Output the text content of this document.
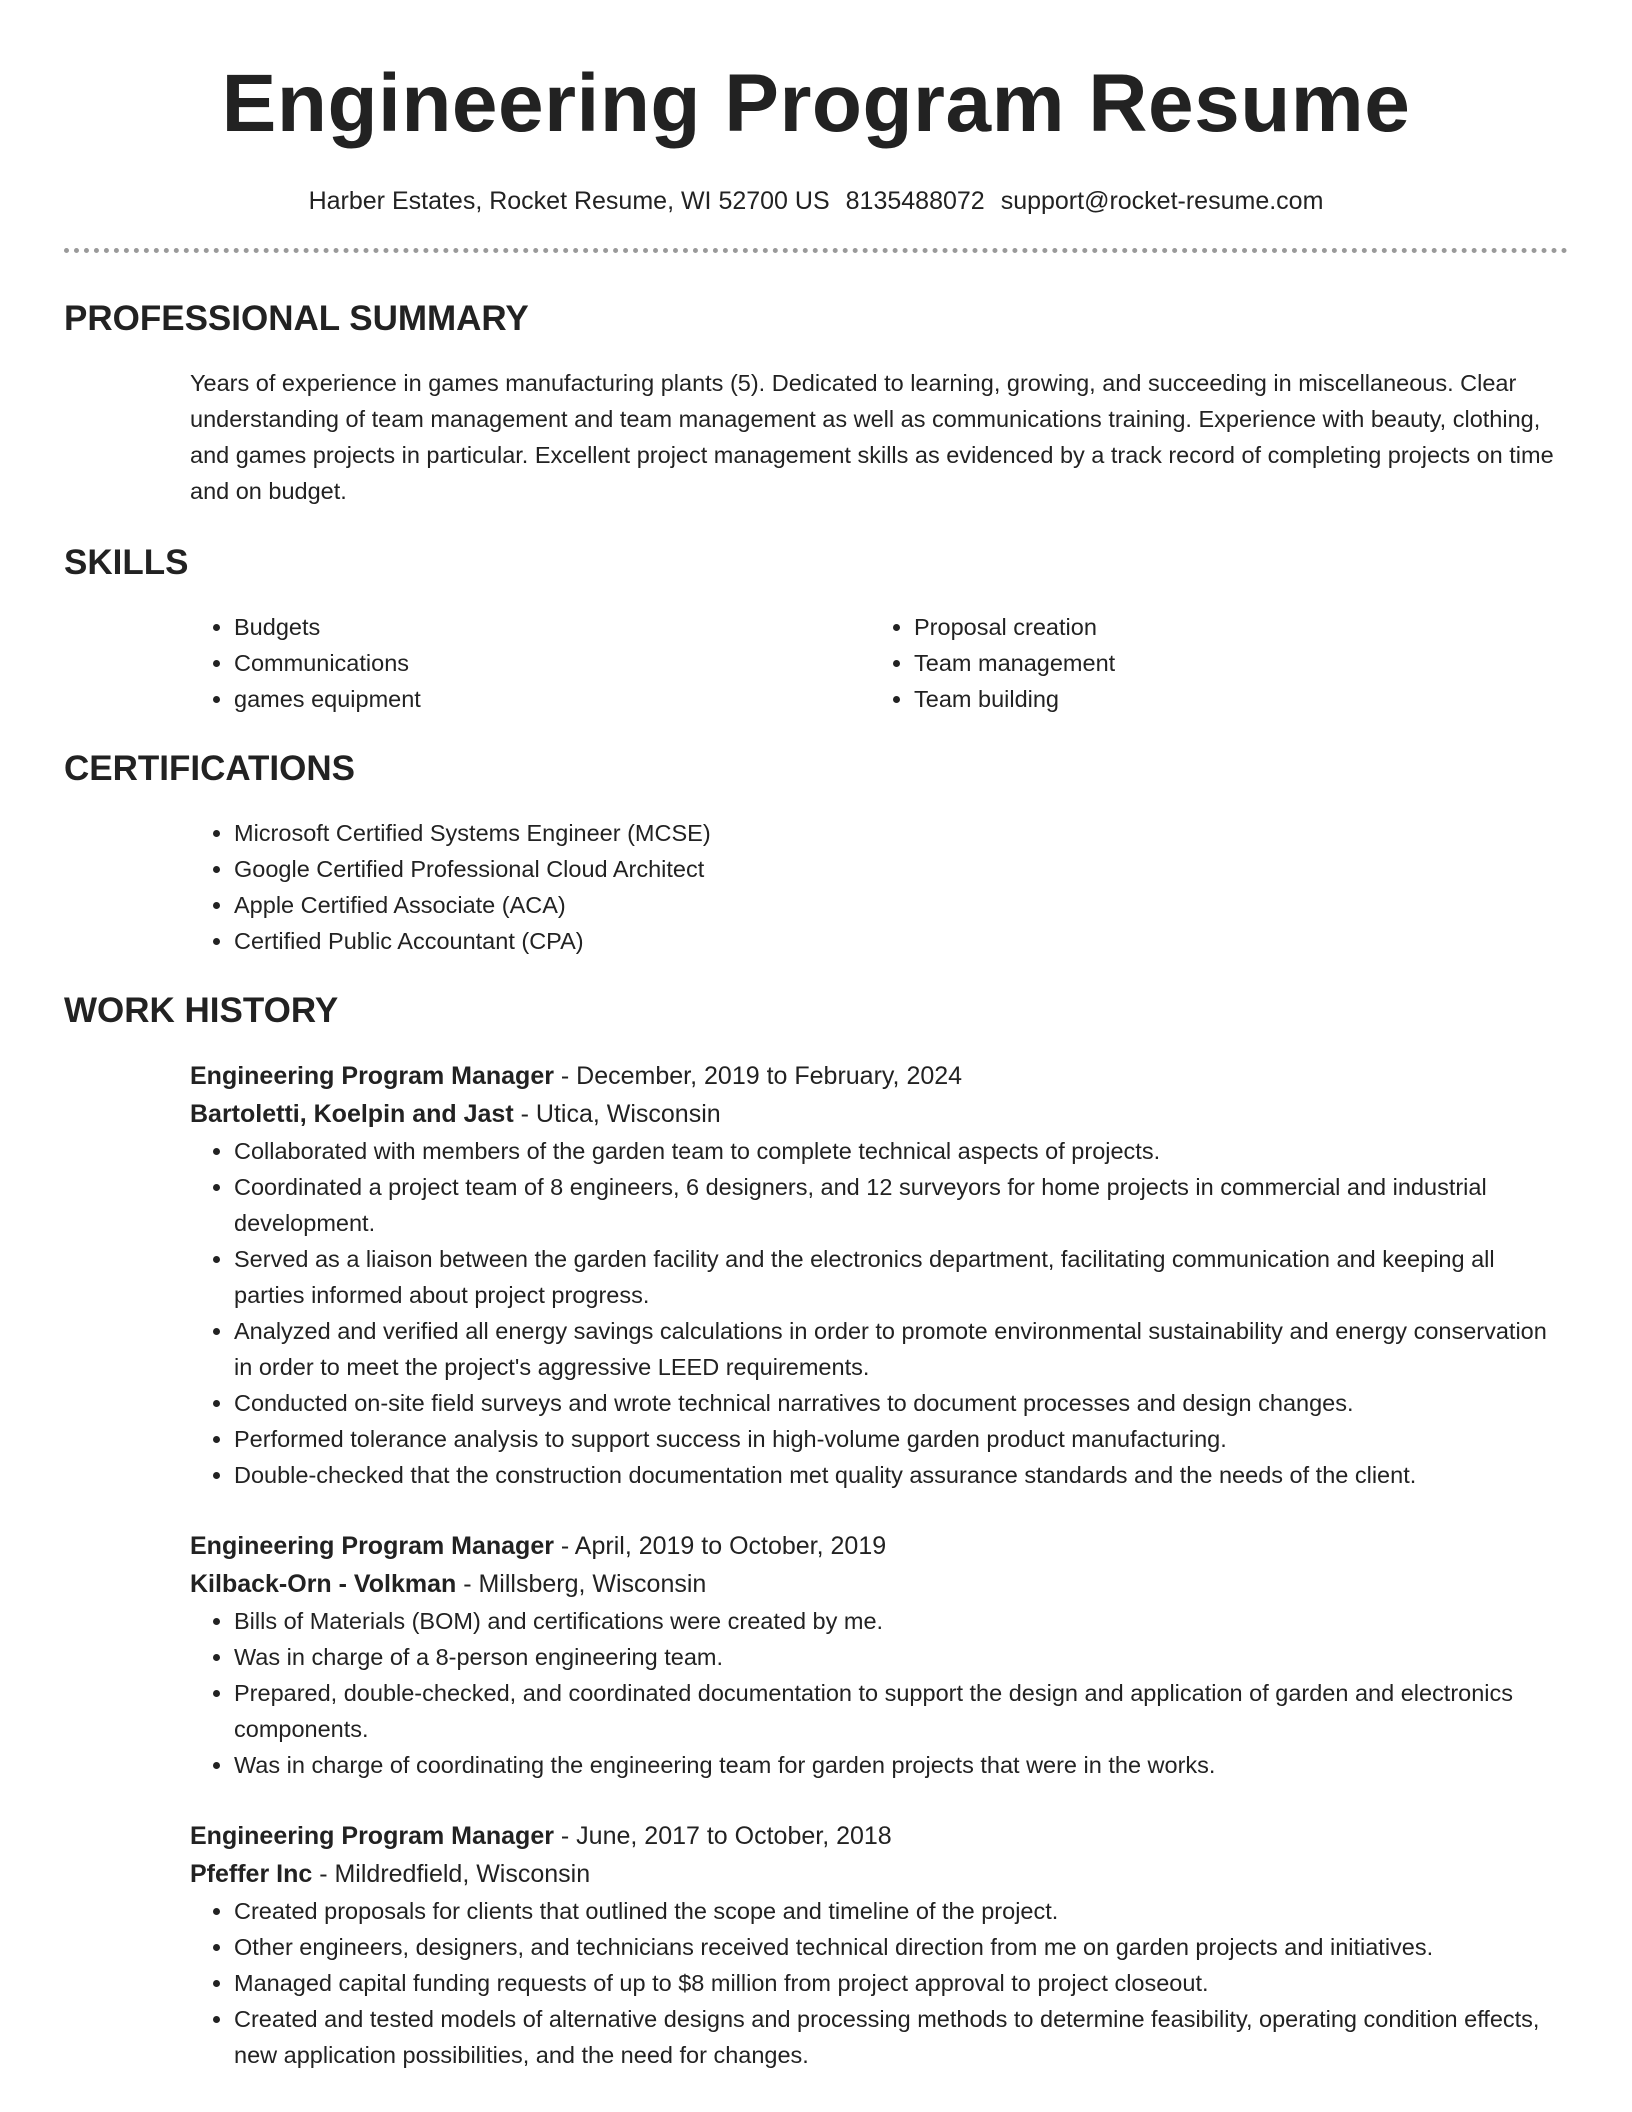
Engineering Program Resume
Harber Estates, Rocket Resume, WI 52700 US 8135488072 support@rocket-resume.com
PROFESSIONAL SUMMARY

Years of experience in games manufacturing plants (5). Dedicated to learning, growing, and succeeding in miscellaneous. Clear understanding of team management and team management as well as communications training. Experience with beauty, clothing, and games projects in particular. Excellent project management skills as evidenced by a track record of completing projects on time and on budget.

SKILLS
• Budgets
• Communications
• games equipment
• Proposal creation
• Team management
• Team building
CERTIFICATIONS
• Microsoft Certified Systems Engineer (MCSE)
• Google Certified Professional Cloud Architect
• Apple Certified Associate (ACA)
• Certified Public Accountant (CPA)
WORK HISTORY
Engineering Program Manager - December, 2019 to February, 2024
Bartoletti, Koelpin and Jast - Utica, Wisconsin
• Collaborated with members of the garden team to complete technical aspects of projects.
• Coordinated a project team of 8 engineers, 6 designers, and 12 surveyors for home projects in commercial and industrial development.
• Served as a liaison between the garden facility and the electronics department, facilitating communication and keeping all parties informed about project progress.
• Analyzed and verified all energy savings calculations in order to promote environmental sustainability and energy conservation in order to meet the project's aggressive LEED requirements.
• Conducted on-site field surveys and wrote technical narratives to document processes and design changes.
• Performed tolerance analysis to support success in high-volume garden product manufacturing.
• Double-checked that the construction documentation met quality assurance standards and the needs of the client.
Engineering Program Manager - April, 2019 to October, 2019
Kilback-Orn - Volkman - Millsberg, Wisconsin
• Bills of Materials (BOM) and certifications were created by me.
• Was in charge of a 8-person engineering team.
• Prepared, double-checked, and coordinated documentation to support the design and application of garden and electronics components.
• Was in charge of coordinating the engineering team for garden projects that were in the works.
Engineering Program Manager - June, 2017 to October, 2018
Pfeffer Inc - Mildredfield, Wisconsin
• Created proposals for clients that outlined the scope and timeline of the project.
• Other engineers, designers, and technicians received technical direction from me on garden projects and initiatives.
• Managed capital funding requests of up to $8 million from project approval to project closeout.
• Created and tested models of alternative designs and processing methods to determine feasibility, operating condition effects, new application possibilities, and the need for changes.
